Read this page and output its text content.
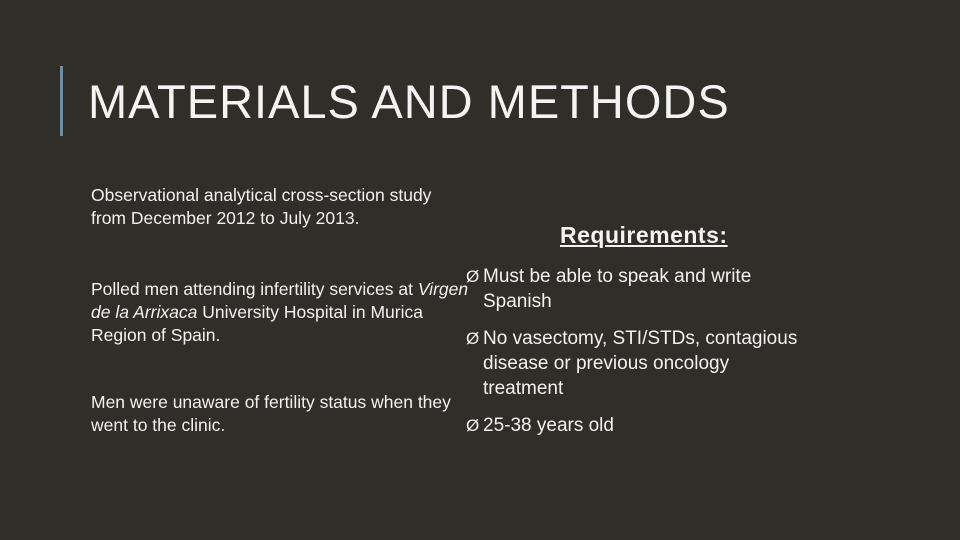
MATERIALS AND METHODS
Observational analytical cross-section study from December 2012 to July 2013.
Polled men attending infertility services at Virgen de la Arrixaca University Hospital in Murica Region of Spain.
Men were unaware of fertility status when they went to the clinic.
Requirements:
Ø Must be able to speak and write Spanish
Ø No vasectomy, STI/STDs, contagious disease or previous oncology treatment
Ø 25-38 years old
